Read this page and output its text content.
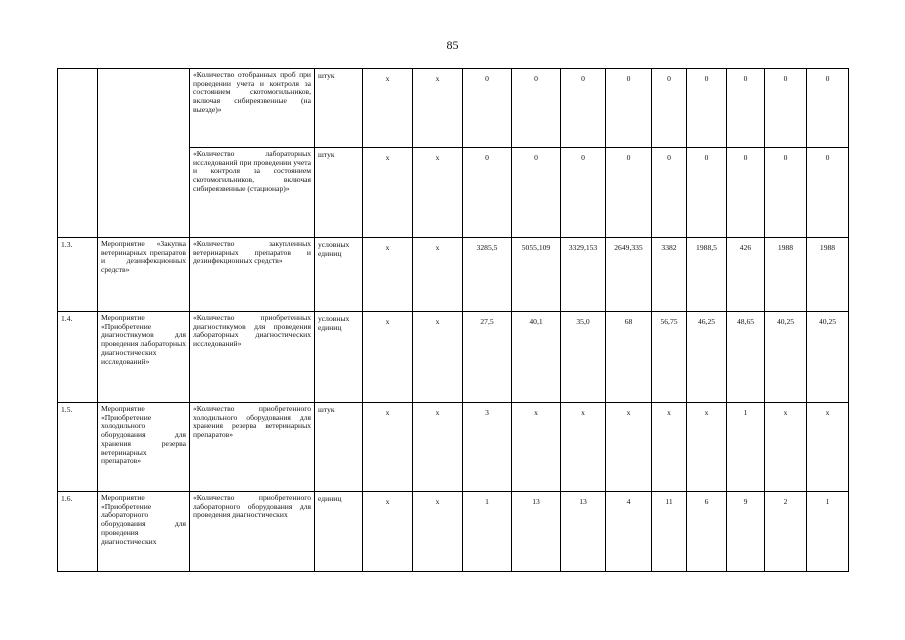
85
		«Количество отобранных проб при проведении учета и контроля за состоянием скотомогильников, включая сибиреязвенные (на выезде)»	штук	х	х	0	0	0	0	0	0	0	0	0
		«Количество лабораторных исследований при проведении учета и контроля за состоянием скотомогильников, включая сибиреязвенные (стационар)»	штук	х	х	0	0	0	0	0	0	0	0	0
1.3.	Мероприятие «Закупка ветеринарных препаратов и дезинфекционных средств»	«Количество закупленных ветеринарных препаратов и дезинфекционных средств»	условных единиц	х	х	3285,5	5055,109	3329,153	2649,335	3382	1988,5	426	1988	1988
1.4.	Мероприятие «Приобретение диагностикумов для проведения лабораторных диагностических исследований»	«Количество приобретенных диагностикумов для проведения лабораторных диагностических исследований»	условных единиц	х	х	27,5	40,1	35,0	68	56,75	46,25	48,65	40,25	40,25
1.5.	Мероприятие «Приобретение холодильного оборудования для хранения резерва ветеринарных препаратов»	«Количество приобретенного холодильного оборудования для хранения резерва ветеринарных препаратов»	штук	х	х	3	х	х	х	х	х	1	х	х
1.6.	Мероприятие «Приобретение лабораторного оборудования для проведения диагностических	«Количество приобретенного лабораторного оборудования для проведения диагностических	единиц	х	х	1	13	13	4	11	6	9	2	1
